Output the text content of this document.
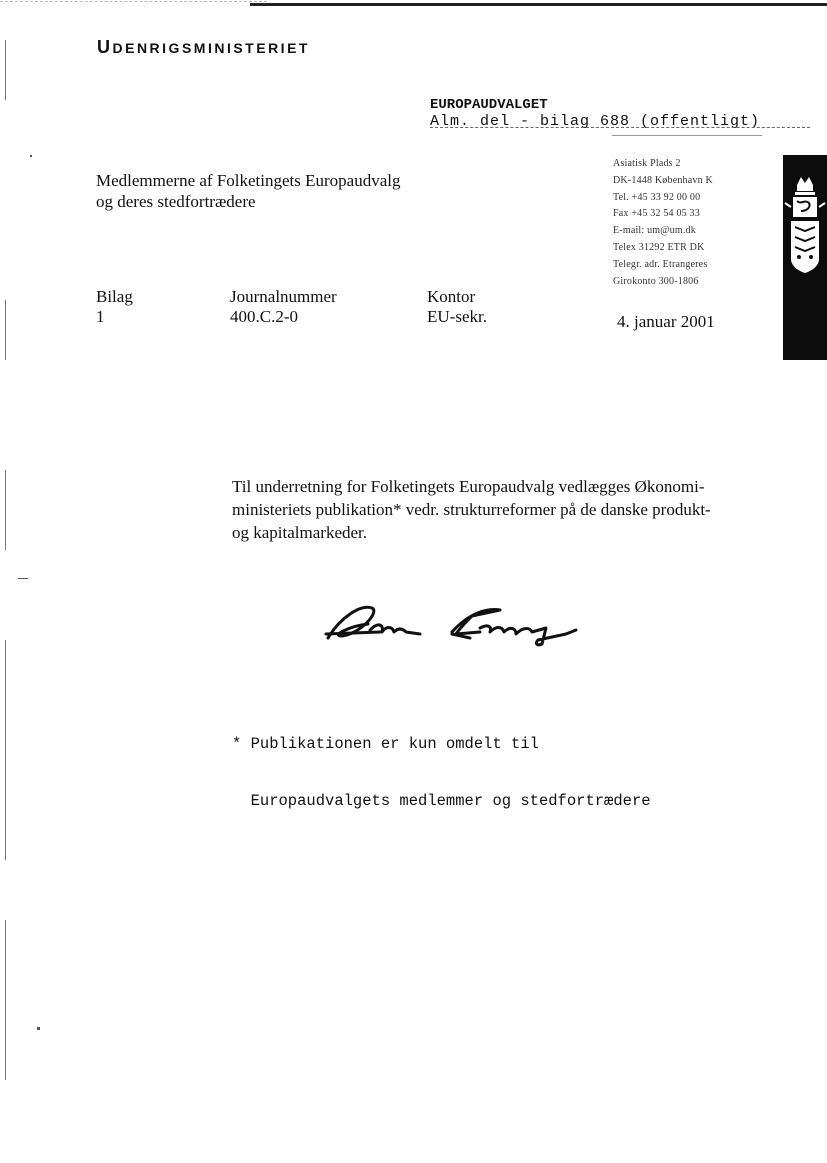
UDENRIGSMINISTERIET
EUROPAUDVALGET
Alm. del - bilag 688 (offentligt)
Medlemmerne af Folketingets Europaudvalg
og deres stedfortrædere
Asiatisk Plads 2
DK-1448 København K
Tel. +45 33 92 00 00
Fax +45 32 54 05 33
E-mail: um@um.dk
Telex 31292 ETR DK
Telegr. adr. Etrangeres
Girokonto 300-1806
Bilag
1
Journalnummer
400.C.2-0
Kontor
EU-sekr.	4. januar 2001
Til underretning for Folketingets Europaudvalg vedlægges Økonomi-
ministeriets publikation* vedr. strukturreformer på de danske produkt-
og kapitalmarkeder.

* Publikationen er kun omdelt til

Europaudvalgets medlemmer og stedfortrædere
